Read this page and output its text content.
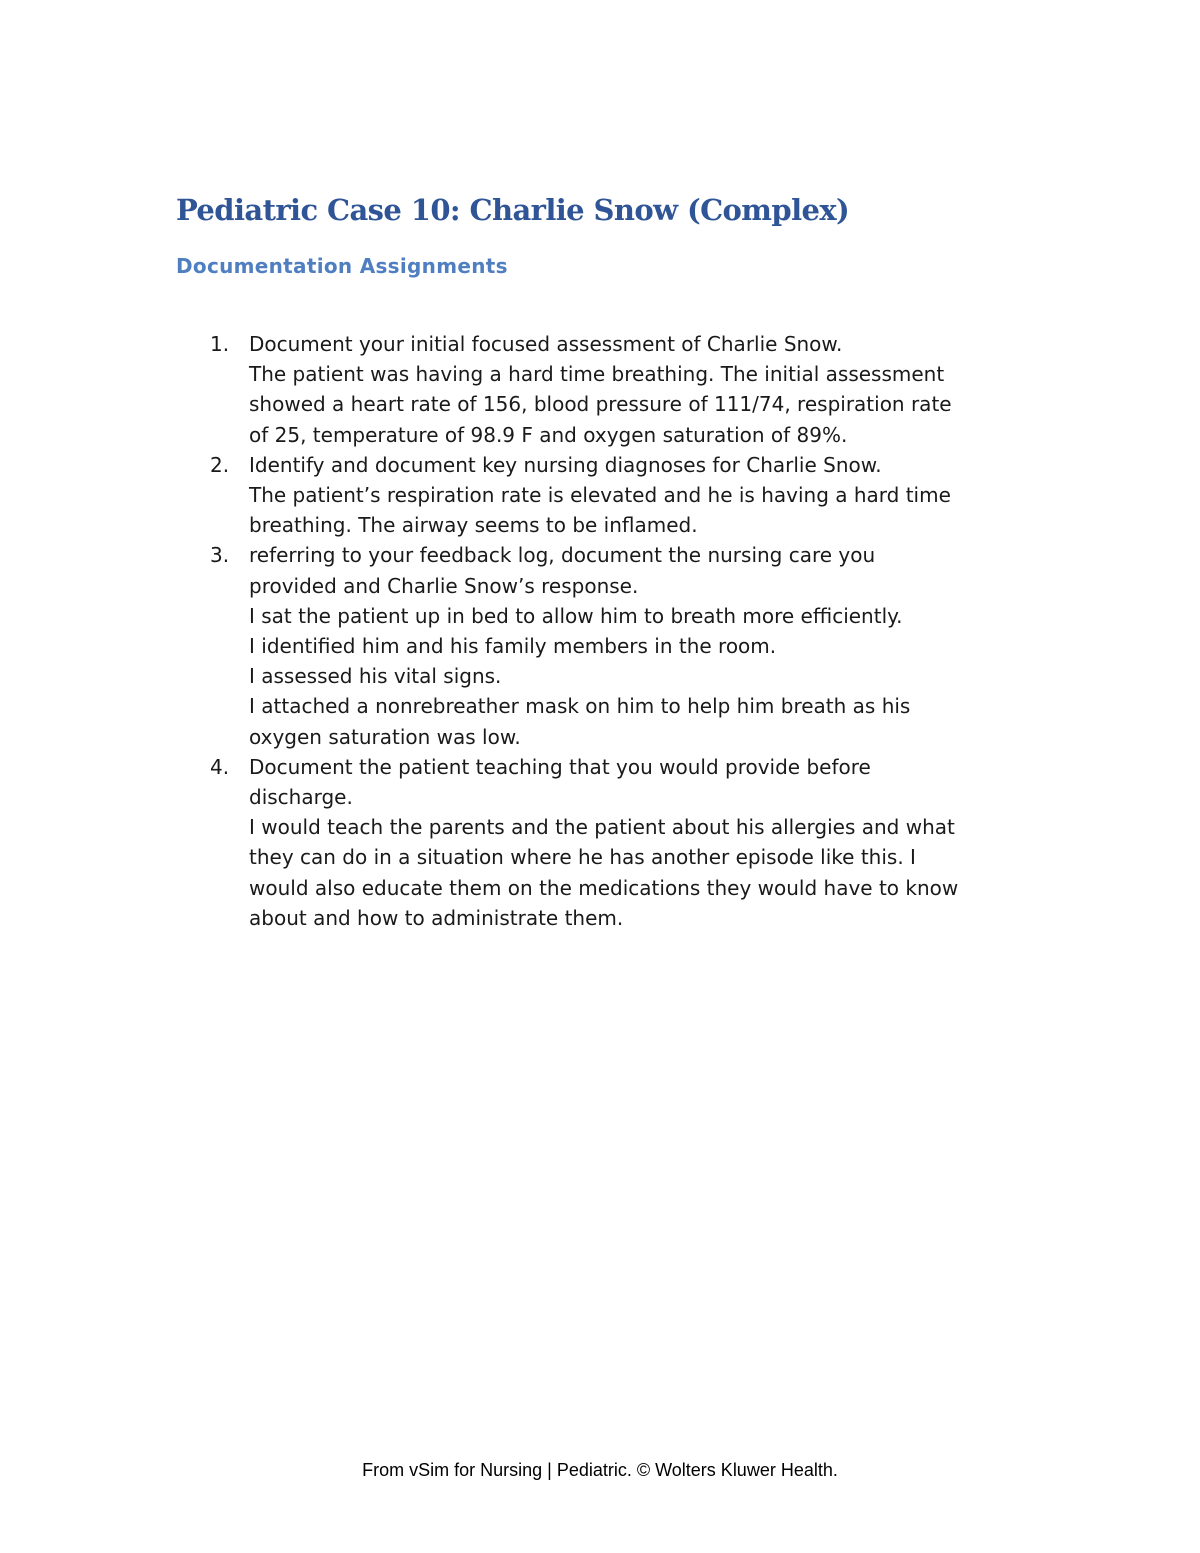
Pediatric Case 10: Charlie Snow (Complex)
Documentation Assignments
1. Document your initial focused assessment of Charlie Snow.
The patient was having a hard time breathing. The initial assessment
showed a heart rate of 156, blood pressure of 111/74, respiration rate
of 25, temperature of 98.9 F and oxygen saturation of 89%.
2. Identify and document key nursing diagnoses for Charlie Snow.
The patient’s respiration rate is elevated and he is having a hard time
breathing. The airway seems to be inflamed.
3. referring to your feedback log, document the nursing care you
provided and Charlie Snow’s response.
I sat the patient up in bed to allow him to breath more efficiently.
I identified him and his family members in the room.
I assessed his vital signs.
I attached a nonrebreather mask on him to help him breath as his
oxygen saturation was low.
4. Document the patient teaching that you would provide before
discharge.
I would teach the parents and the patient about his allergies and what
they can do in a situation where he has another episode like this. I
would also educate them on the medications they would have to know
about and how to administrate them.

From vSim for Nursing | Pediatric. © Wolters Kluwer Health.
